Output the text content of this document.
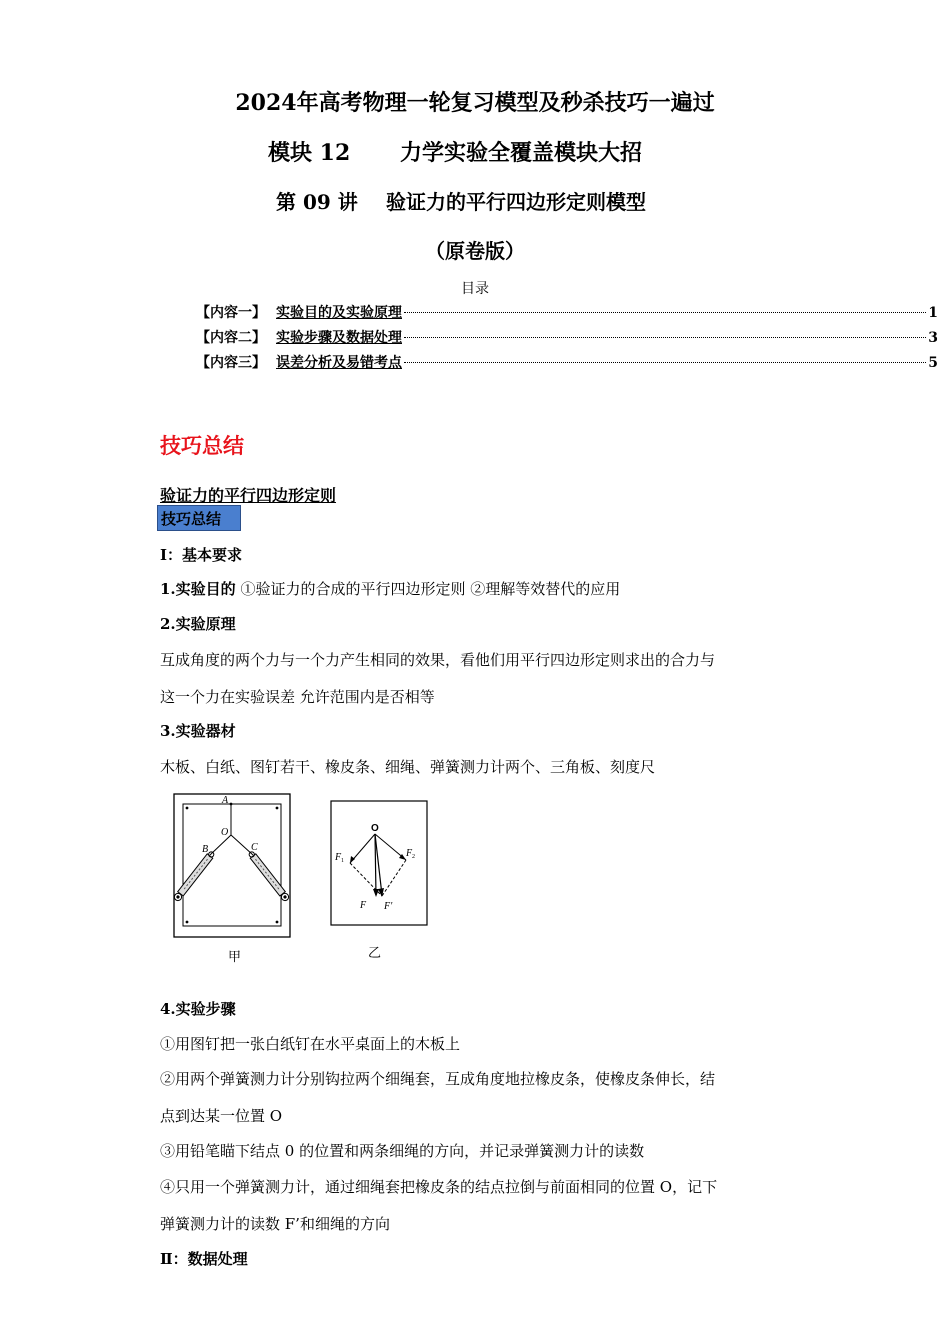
2024年高考物理一轮复习模型及秒杀技巧一遍过
模块 12 力学实验全覆盖模块大招
第 09 讲 验证力的平行四边形定则模型
（原卷版）
目录
【内容一】 实验目的及实验原理	1
【内容二】 实验步骤及数据处理	3
【内容三】 误差分析及易错考点	5
技巧总结
验证力的平行四边形定则
技巧总结
Ⅰ：基本要求
1.实验目的 ①验证力的合成的平行四边形定则 ②理解等效替代的应用
2.实验原理
互成角度的两个力与一个力产生相同的效果，看他们用平行四边形定则求出的合力与
这一个力在实验误差 允许范围内是否相等
3.实验器材
木板、白纸、图钉若干、橡皮条、细绳、弹簧测力计两个、三角板、刻度尺
A
O
B	C
甲
O
F 1
F 2
F F'
乙
4.实验步骤
①用图钉把一张白纸钉在水平桌面上的木板上
②用两个弹簧测力计分别钩拉两个细绳套，互成角度地拉橡皮条，使橡皮条伸长，结
点到达某一位置 O
③用铅笔瞄下结点 0 的位置和两条细绳的方向，并记录弹簧测力计的读数
④只用一个弹簧测力计，通过细绳套把橡皮条的结点拉倒与前面相同的位置 O，记下
弹簧测力计的读数 F’和细绳的方向
Ⅱ：数据处理
